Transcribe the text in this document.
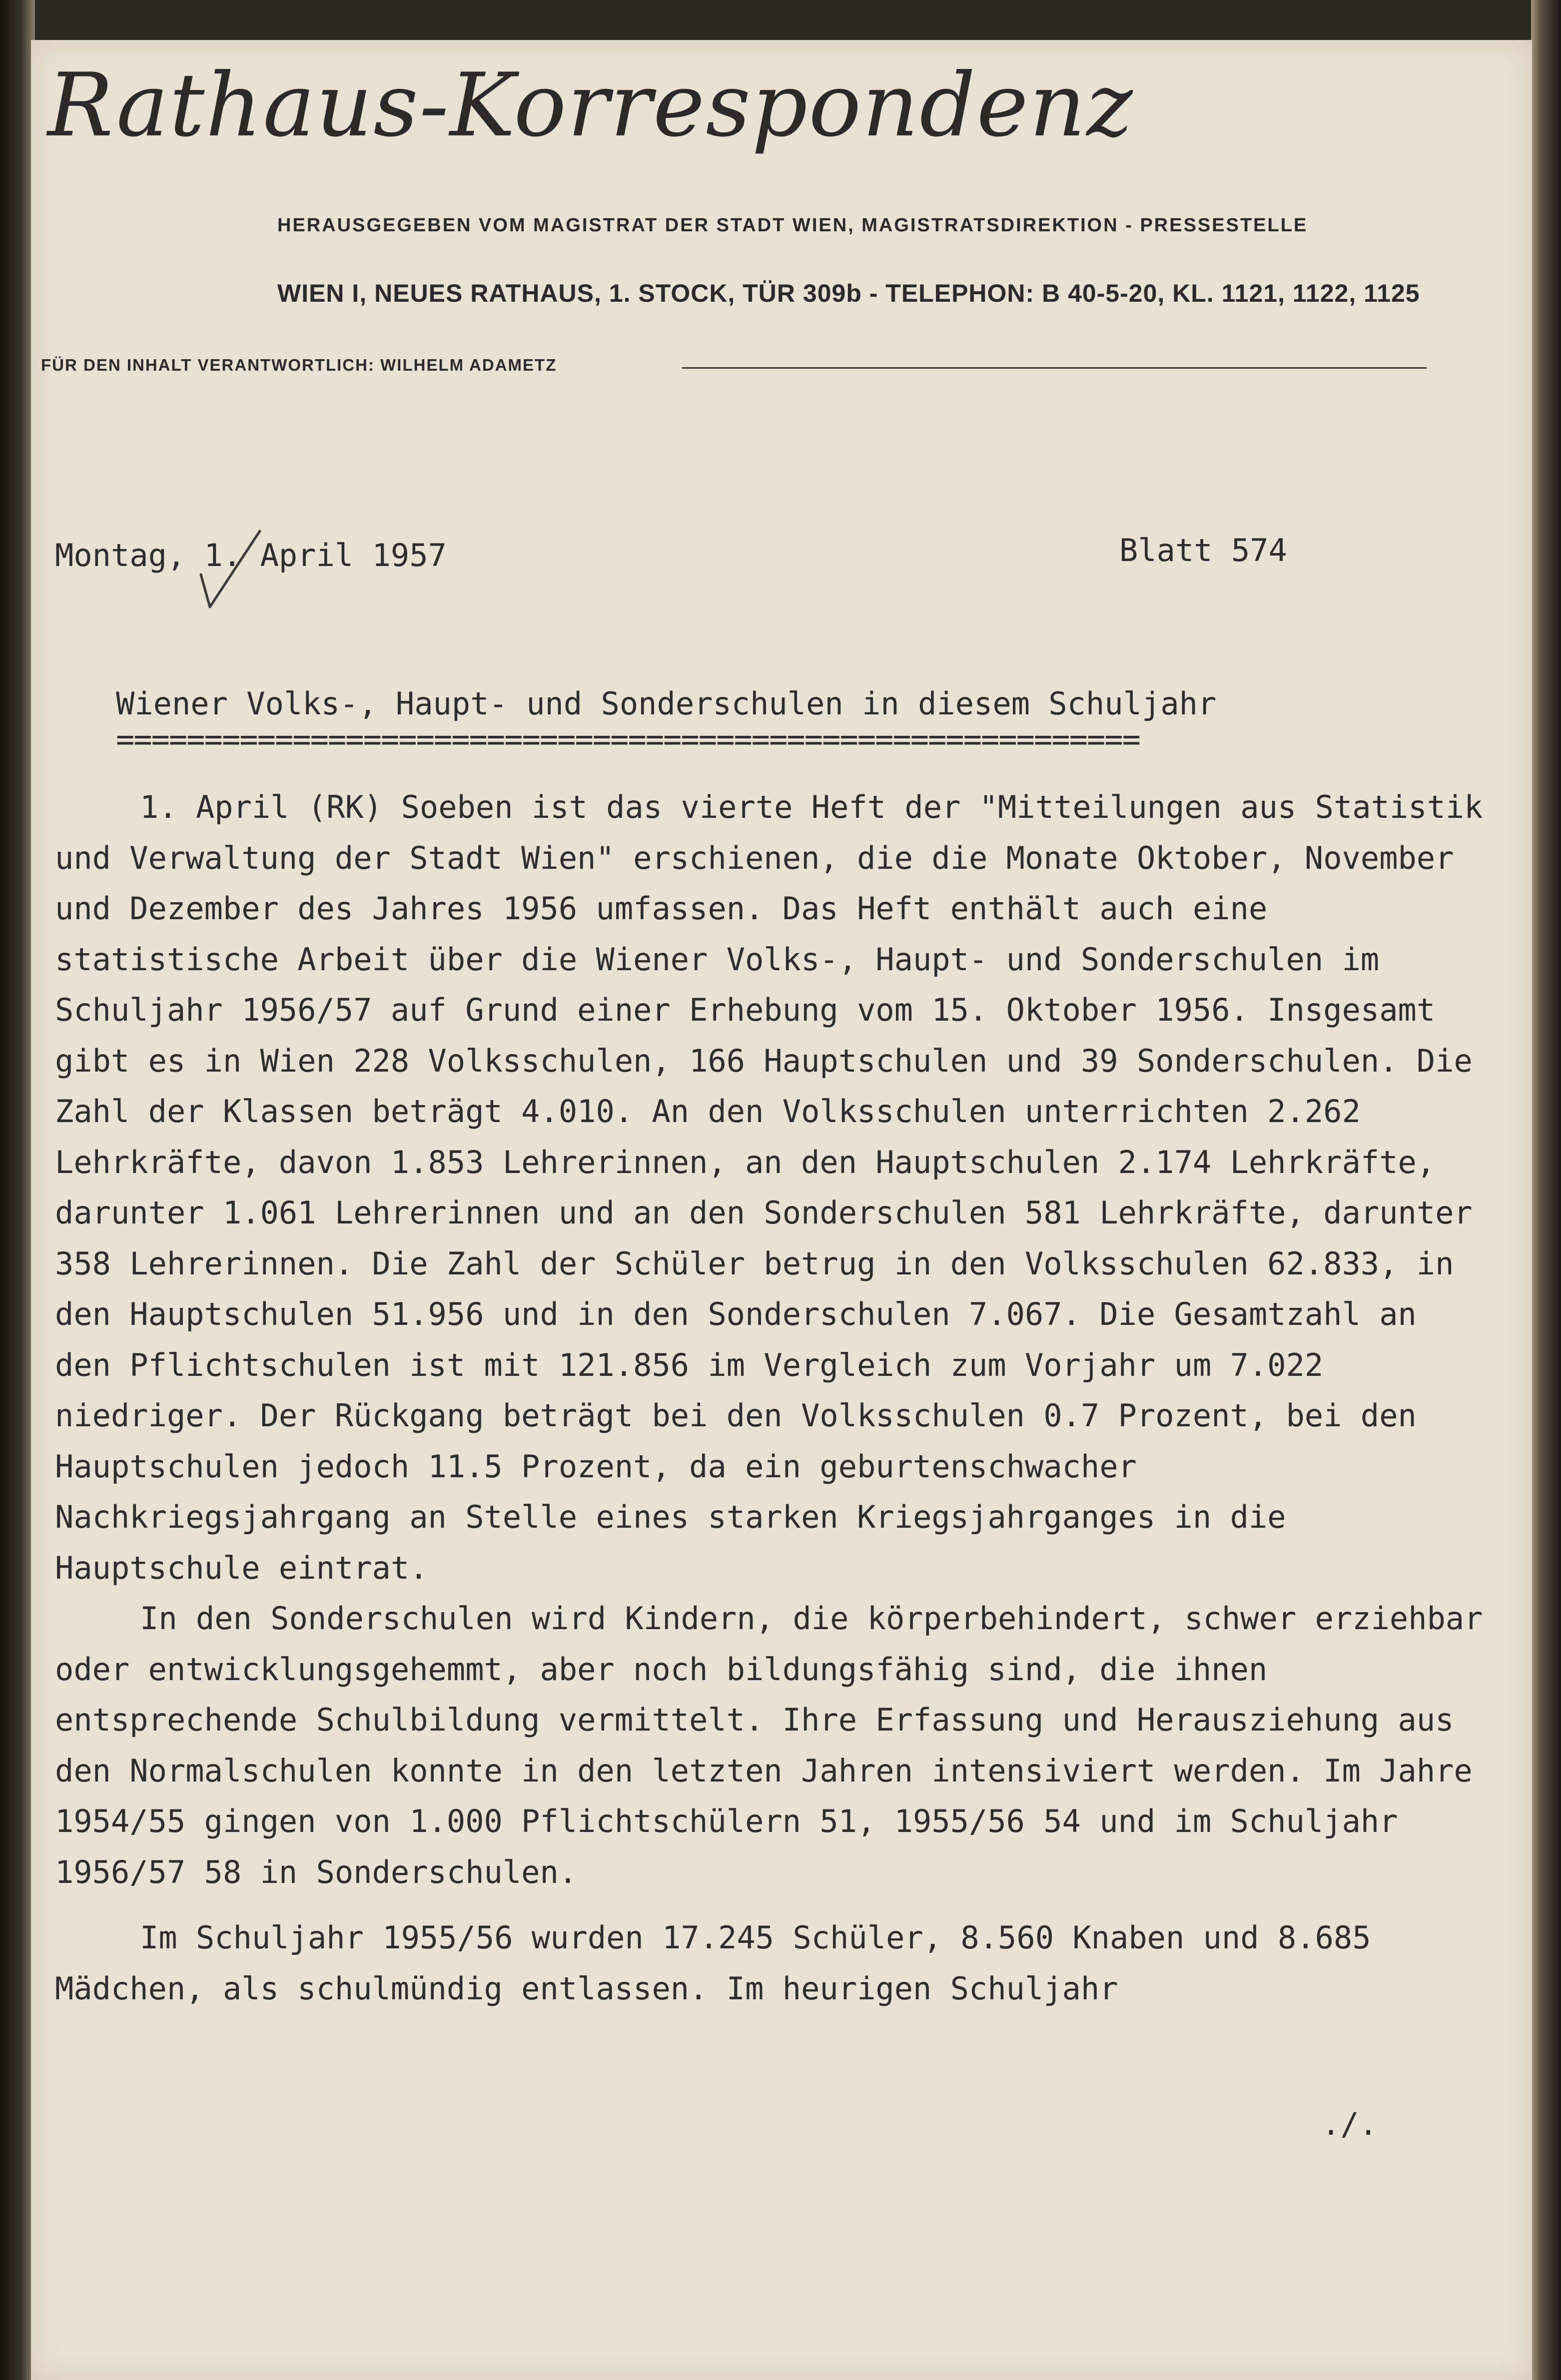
Rathaus-Korrespondenz
HERAUSGEGEBEN VOM MAGISTRAT DER STADT WIEN, MAGISTRATSDIREKTION - PRESSESTELLE
WIEN I, NEUES RATHAUS, 1. STOCK, TÜR 309b - TELEPHON: B 40-5-20, KL. 1121, 1122, 1125
FÜR DEN INHALT VERANTWORTLICH: WILHELM ADAMETZ
Montag, 1. April 1957	Blatt 574
Wiener Volks-, Haupt- und Sonderschulen in diesem Schuljahr
==========================================================

1. April (RK) Soeben ist das vierte Heft der "Mitteilungen aus Statistik und Verwaltung der Stadt Wien" erschienen, die die Monate Oktober, November und Dezember des Jahres 1956 umfassen. Das Heft enthält auch eine statistische Arbeit über die Wiener Volks-, Haupt- und Sonderschulen im Schuljahr 1956/57 auf Grund einer Erhebung vom 15. Oktober 1956. Insgesamt gibt es in Wien 228 Volksschulen, 166 Hauptschulen und 39 Sonderschulen. Die Zahl der Klassen beträgt 4.010. An den Volksschulen unterrichten 2.262 Lehrkräfte, davon 1.853 Lehrerinnen, an den Hauptschulen 2.174 Lehrkräfte, darunter 1.061 Lehrerinnen und an den Sonderschulen 581 Lehrkräfte, darunter 358 Lehrerinnen. Die Zahl der Schüler betrug in den Volksschulen 62.833, in den Hauptschulen 51.956 und in den Sonderschulen 7.067. Die Gesamtzahl an den Pflichtschulen ist mit 121.856 im Vergleich zum Vorjahr um 7.022 niedriger. Der Rückgang beträgt bei den Volksschulen 0.7 Prozent, bei den Hauptschulen jedoch 11.5 Prozent, da ein geburtenschwacher Nachkriegsjahrgang an Stelle eines starken Kriegsjahrganges in die Hauptschule eintrat.

In den Sonderschulen wird Kindern, die körperbehindert, schwer erziehbar oder entwicklungsgehemmt, aber noch bildungsfähig sind, die ihnen entsprechende Schulbildung vermittelt. Ihre Erfassung und Herausziehung aus den Normalschulen konnte in den letzten Jahren intensiviert werden. Im Jahre 1954/55 gingen von 1.000 Pflichtschülern 51, 1955/56 54 und im Schuljahr 1956/57 58 in Sonderschulen.

Im Schuljahr 1955/56 wurden 17.245 Schüler, 8.560 Knaben und 8.685 Mädchen, als schulmündig entlassen. Im heurigen Schuljahr

./.
